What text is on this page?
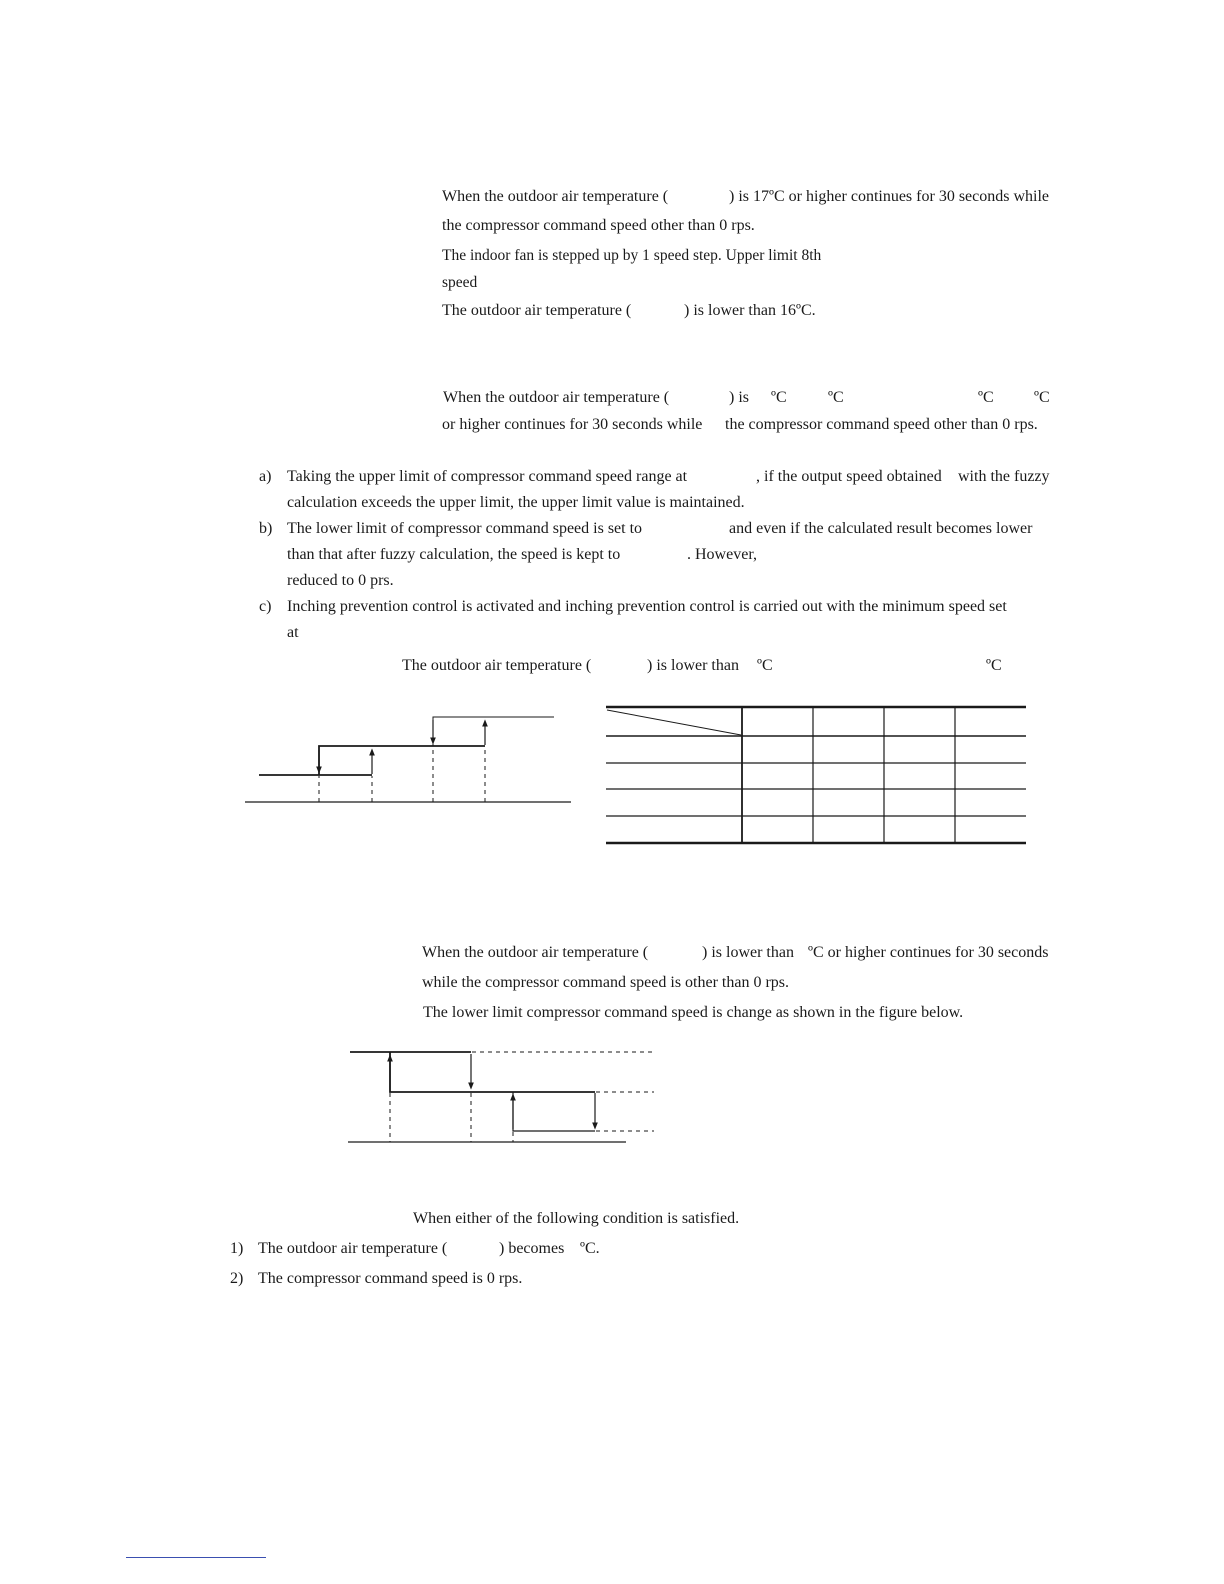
When the outdoor air temperature (	) is 17ºC or higher continues for 30 seconds while
the compressor command speed other than 0 rps.
The indoor fan is stepped up by 1 speed step. Upper limit 8th
speed
The outdoor air temperature (	) is lower than 16ºC.
When the outdoor air temperature (	) is ºC	ºC	ºC	ºC
or higher continues for 30 seconds while the compressor command speed other than 0 rps.
a) Taking the upper limit of compressor command speed range at	, if the output speed obtained with the fuzzy
calculation exceeds the upper limit, the upper limit value is maintained.
b) The lower limit of compressor command speed is set to	and even if the calculated result becomes lower
than that after fuzzy calculation, the speed is kept to	. However,
reduced to 0 prs.
c) Inching prevention control is activated and inching prevention control is carried out with the minimum speed set
at
The outdoor air temperature (	) is lower than ºC	ºC
When the outdoor air temperature (	) is lower than ºC or higher continues for 30 seconds
while the compressor command speed is other than 0 rps.
The lower limit compressor command speed is change as shown in the figure below.
When either of the following condition is satisfied.
1) The outdoor air temperature (	) becomes ºC.
2) The compressor command speed is 0 rps.
